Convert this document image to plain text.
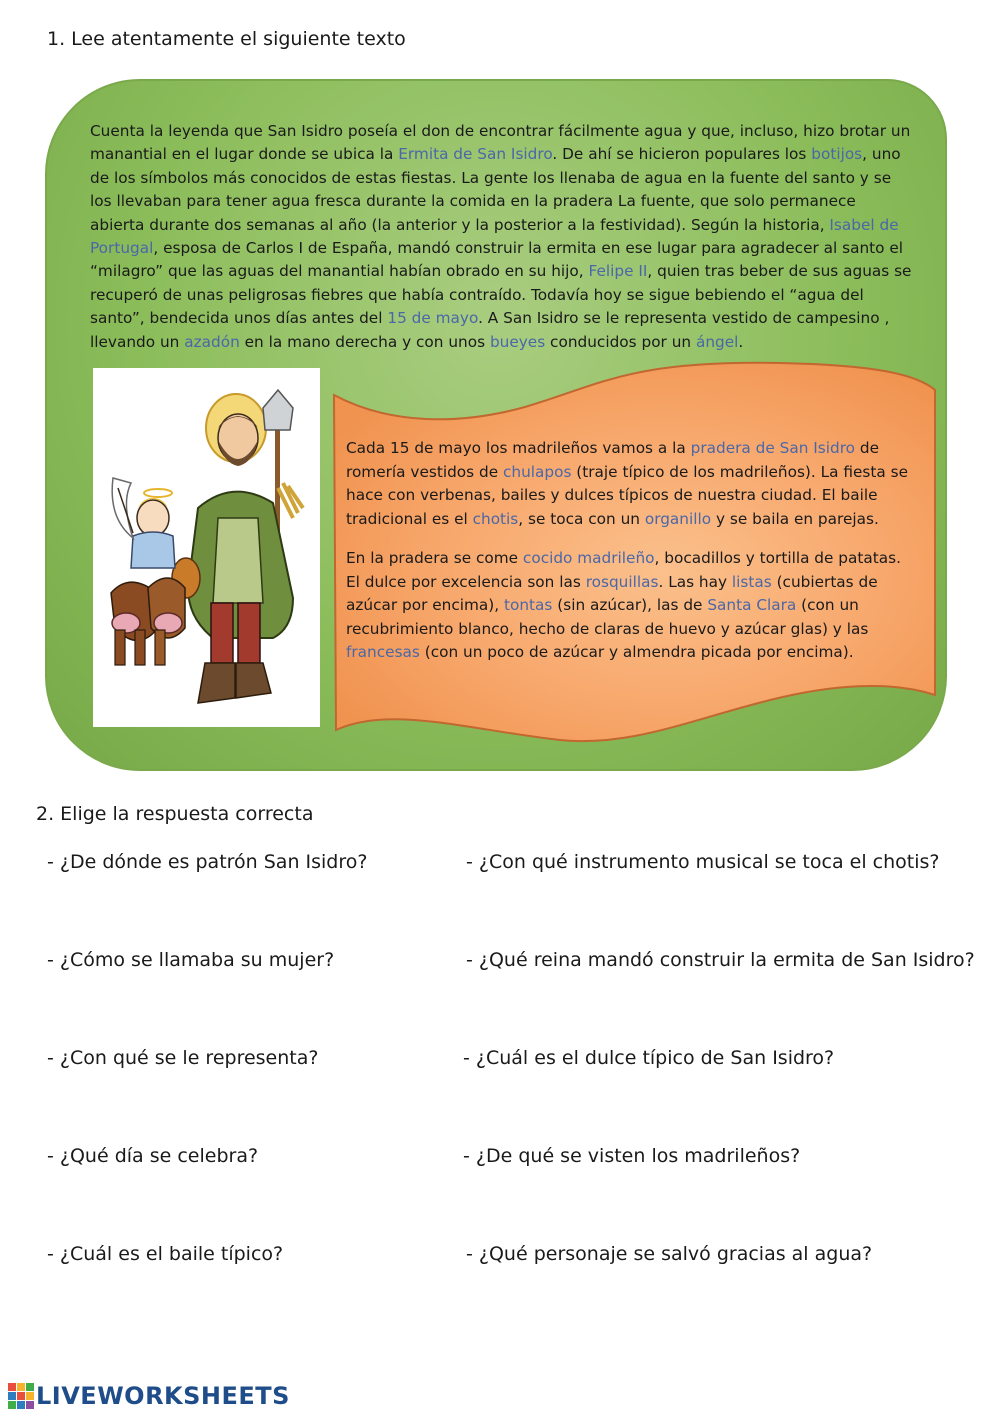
1. Lee atentamente el siguiente texto

Cuenta la leyenda que San Isidro poseía el don de encontrar fácilmente agua y que, incluso, hizo brotar un manantial en el lugar donde se ubica la Ermita de San Isidro. De ahí se hicieron populares los botijos, uno de los símbolos más conocidos de estas fiestas. La gente los llenaba de agua en la fuente del santo y se los llevaban para tener agua fresca durante la comida en la pradera La fuente, que solo permanece abierta durante dos semanas al año (la anterior y la posterior a la festividad). Según la historia, Isabel de Portugal, esposa de Carlos I de España, mandó construir la ermita en ese lugar para agradecer al santo el “milagro” que las aguas del manantial habían obrado en su hijo, Felipe II, quien tras beber de sus aguas se recuperó de unas peligrosas fiebres que había contraído. Todavía hoy se sigue bebiendo el “agua del santo”, bendecida unos días antes del 15 de mayo. A San Isidro se le representa vestido de campesino , llevando un azadón en la mano derecha y con unos bueyes conducidos por un ángel.

Cada 15 de mayo los madrileños vamos a la pradera de San Isidro de romería vestidos de chulapos (traje típico de los madrileños). La fiesta se hace con verbenas, bailes y dulces típicos de nuestra ciudad. El baile tradicional es el chotis, se toca con un organillo y se baila en parejas.

En la pradera se come cocido madrileño, bocadillos y tortilla de patatas. El dulce por excelencia son las rosquillas. Las hay listas (cubiertas de azúcar por encima), tontas (sin azúcar), las de Santa Clara (con un recubrimiento blanco, hecho de claras de huevo y azúcar glas) y las francesas (con un poco de azúcar y almendra picada por encima).

2. Elige la respuesta correcta

- ¿De dónde es patrón San Isidro?

- ¿Cómo se llamaba su mujer?

- ¿Con qué se le representa?

- ¿Qué día se celebra?

- ¿Cuál es el baile típico?

- ¿Con qué instrumento musical se toca el chotis?

- ¿Qué reina mandó construir la ermita de San Isidro?

- ¿Cuál es el dulce típico de San Isidro?

- ¿De qué se visten los madrileños?

- ¿Qué personaje se salvó gracias al agua?

LIVEWORKSHEETS
